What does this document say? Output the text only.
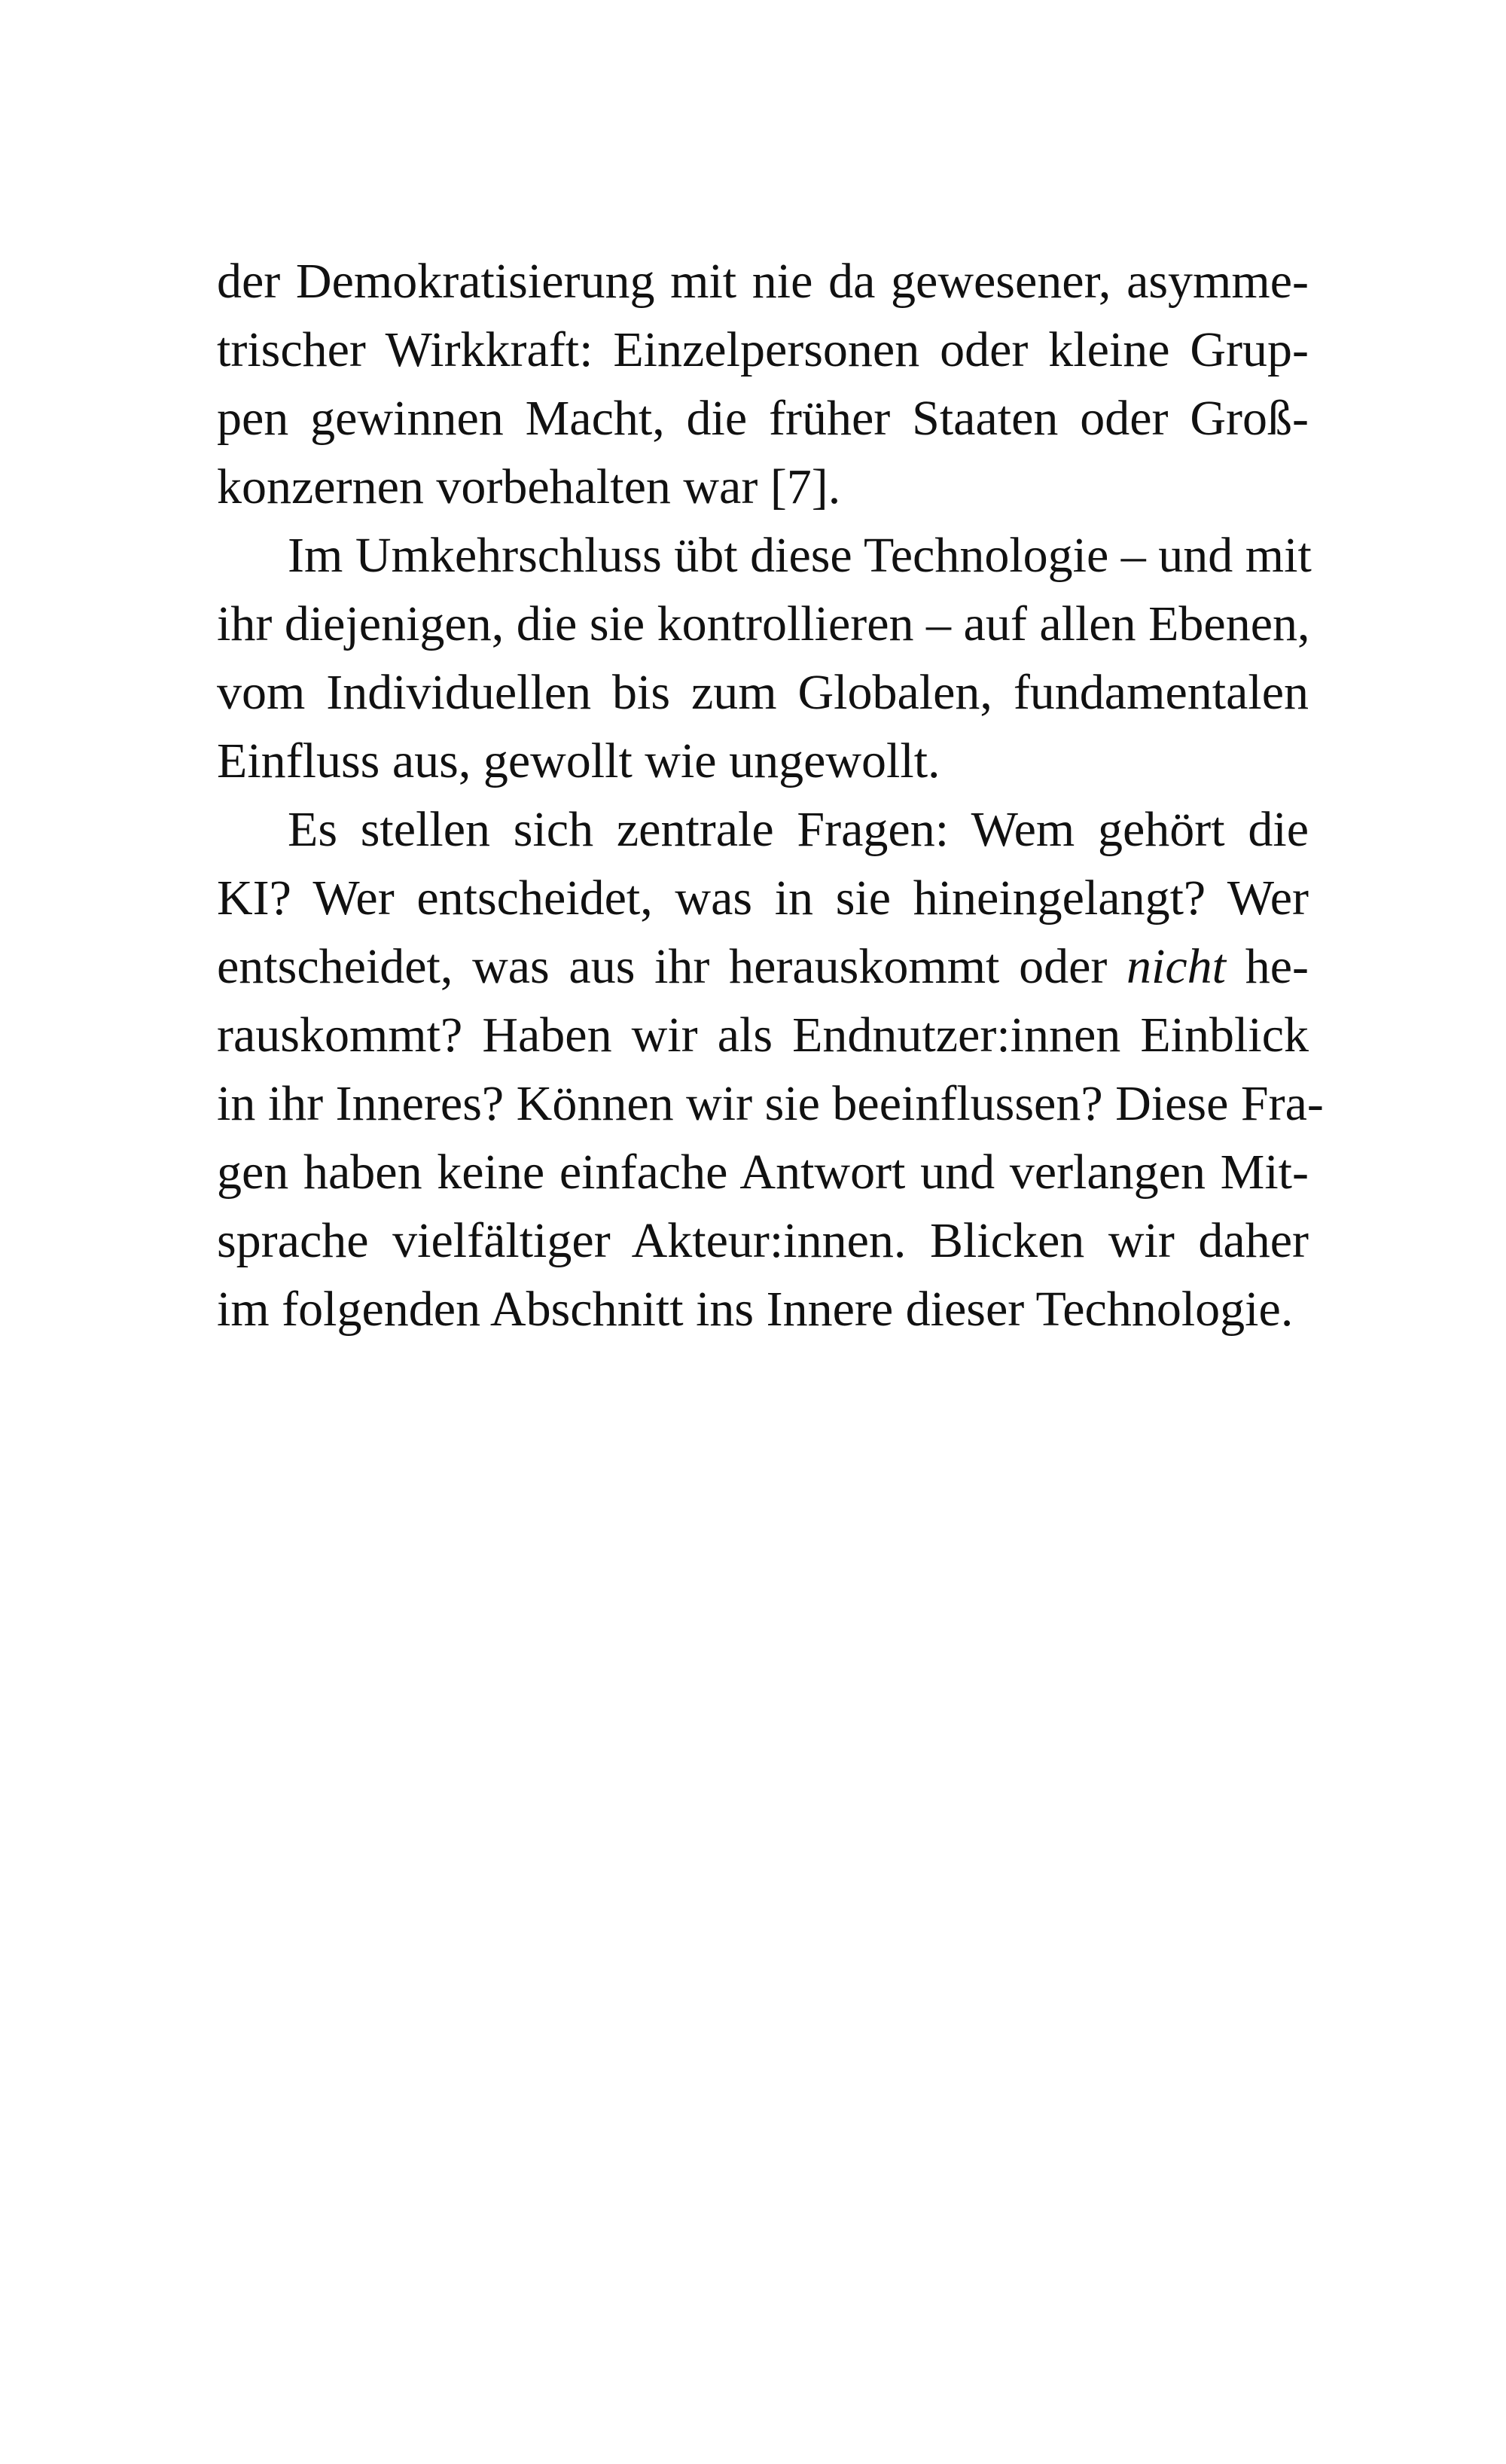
der Demokratisierung mit nie da gewesener, asymme-
trischer Wirkkraft: Einzelpersonen oder kleine Grup-
pen gewinnen Macht, die früher Staaten oder Groß-
konzernen vorbehalten war [7].
Im Umkehrschluss übt diese Technologie – und mit
ihr diejenigen, die sie kontrollieren – auf allen Ebenen,
vom Individuellen bis zum Globalen, fundamentalen
Einfluss aus, gewollt wie ungewollt.
Es stellen sich zentrale Fragen: Wem gehört die
KI? Wer entscheidet, was in sie hineingelangt? Wer
entscheidet, was aus ihr herauskommt oder nicht he-
rauskommt? Haben wir als Endnutzer:innen Einblick
in ihr Inneres? Können wir sie beeinflussen? Diese Fra-
gen haben keine einfache Antwort und verlangen Mit-
sprache vielfältiger Akteur:innen. Blicken wir daher
im folgenden Abschnitt ins Innere dieser Technologie.
